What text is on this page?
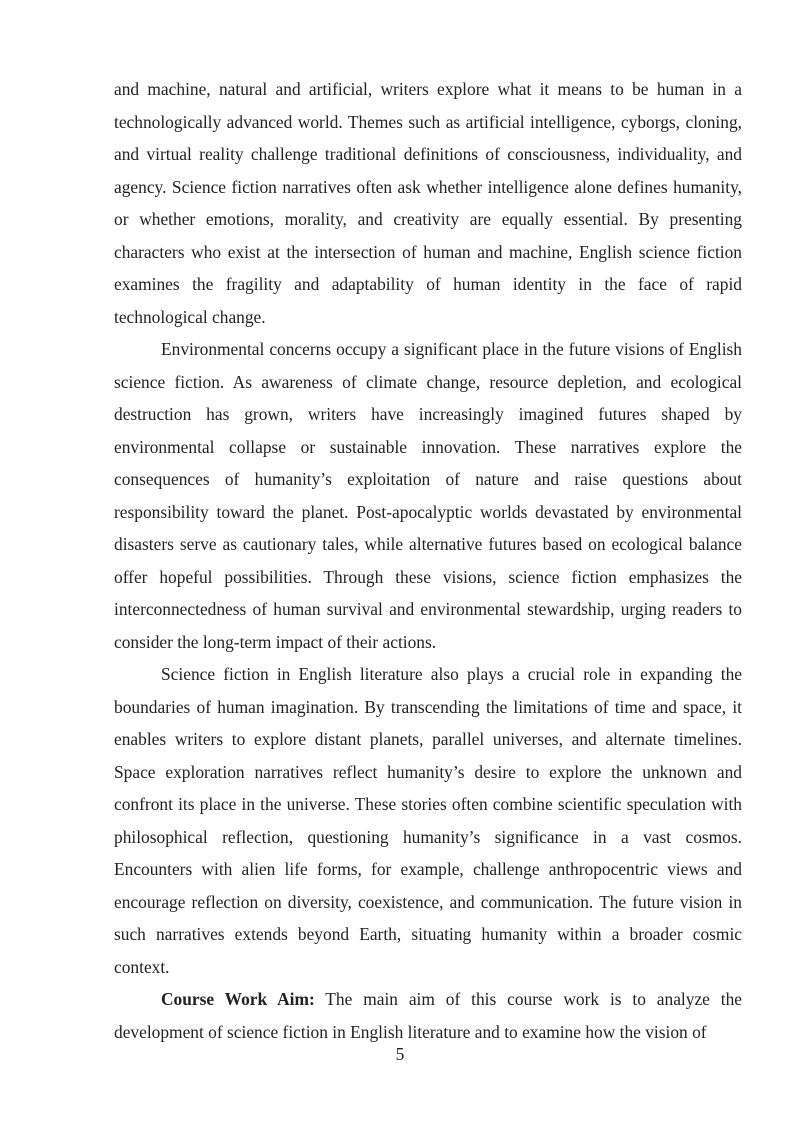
and machine, natural and artificial, writers explore what it means to be human in a technologically advanced world. Themes such as artificial intelligence, cyborgs, cloning, and virtual reality challenge traditional definitions of consciousness, individuality, and agency. Science fiction narratives often ask whether intelligence alone defines humanity, or whether emotions, morality, and creativity are equally essential. By presenting characters who exist at the intersection of human and machine, English science fiction examines the fragility and adaptability of human identity in the face of rapid technological change.

Environmental concerns occupy a significant place in the future visions of English science fiction. As awareness of climate change, resource depletion, and ecological destruction has grown, writers have increasingly imagined futures shaped by environmental collapse or sustainable innovation. These narratives explore the consequences of humanity’s exploitation of nature and raise questions about responsibility toward the planet. Post-apocalyptic worlds devastated by environmental disasters serve as cautionary tales, while alternative futures based on ecological balance offer hopeful possibilities. Through these visions, science fiction emphasizes the interconnectedness of human survival and environmental stewardship, urging readers to consider the long-term impact of their actions.

Science fiction in English literature also plays a crucial role in expanding the boundaries of human imagination. By transcending the limitations of time and space, it enables writers to explore distant planets, parallel universes, and alternate timelines. Space exploration narratives reflect humanity’s desire to explore the unknown and confront its place in the universe. These stories often combine scientific speculation with philosophical reflection, questioning humanity’s significance in a vast cosmos. Encounters with alien life forms, for example, challenge anthropocentric views and encourage reflection on diversity, coexistence, and communication. The future vision in such narratives extends beyond Earth, situating humanity within a broader cosmic context.

Course Work Aim: The main aim of this course work is to analyze the development of science fiction in English literature and to examine how the vision of

5
